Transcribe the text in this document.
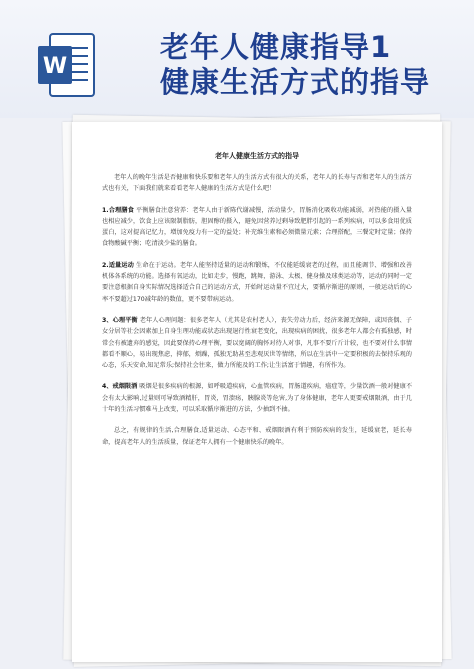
W
老年人健康指导1
健康生活方式的指导
老年人健康生活方式的指导

老年人的晚年生活是否健康和快乐要和老年人的生活方式有很大的关系，老年人的长寿与否和老年人的生活方式也有关，下面我们就来看看老年人健康的生活方式是什么吧！

1.合理膳食 平衡膳食注意营养：老年人由于新陈代谢减慢，活动量少，胃肠消化吸收功能减弱，对热能的摄入量也相应减少，饮食上应该限制脂肪，胆固醇的摄入，避免因营养过剩导致肥胖引起的一系列疾病，可以多食用优质蛋白，这对提高记忆力，增加免疫力有一定的益处；补充维生素和必须微量元素；合理搭配，三餐定时定量；保持食物酸碱平衡；吃清淡少盐的膳食。

2.适量运动 生命在于运动。老年人能坚持适量的运动和锻炼，不仅能延缓衰老的过程，而且能调节、增强和改善机体各系统的功能。选择有氧运动，比如走步，慢跑，跳舞，游泳、太极、健身操及球类运动等，运动的同时一定要注意根据自身实际情况选择适合自己的运动方式，开始时运动量不宜过大，要循序渐进的原则，一般运动后的心率不要超过170减年龄的数值，更不要带病运动。

3、心理平衡 老年人心理问题：很多老年人（尤其是农村老人），丧失劳动力后，经济来源无保障，或因丧偶、子女分居等社会因素加上自身生理功能或状态出现退行性衰老变化，出现疾病的困扰，很多老年人都会有孤独感，时常会有被遗弃的感觉，因此要保持心理平衡，要以宽阔的胸怀对待人对事，凡事不要斤斤计较，也不要对什么事情都看不顺心，易出现焦虑，抑郁，烦躁，孤独无助甚至悲观厌世等情绪，所以在生活中一定要积极的去保持乐观的心态，乐天安命,知足常乐;保持社会往来，做力所能及的工作;让生活富于情趣，有所作为。

4、戒烟限酒 吸烟是很多疾病的根源，如呼吸道疾病，心血管疾病，胃肠道疾病，癌症等，少量饮酒一般对健康不会有太大影响,过量则可导致酒精肝，胃炎，胃溃疡，胰腺炎等危害,为了身体健康，老年人更要戒烟限酒，由于几十年的生活习惯难马上改变，可以采取循序渐进的方法，少抽到不抽。

总之，有规律的生活,合理膳食,适量运动、心态平和、戒烟限酒有利于预防疾病的发生，延缓衰老，延长寿命，提高老年人的生活质量，保证老年人拥有一个健康快乐的晚年。
